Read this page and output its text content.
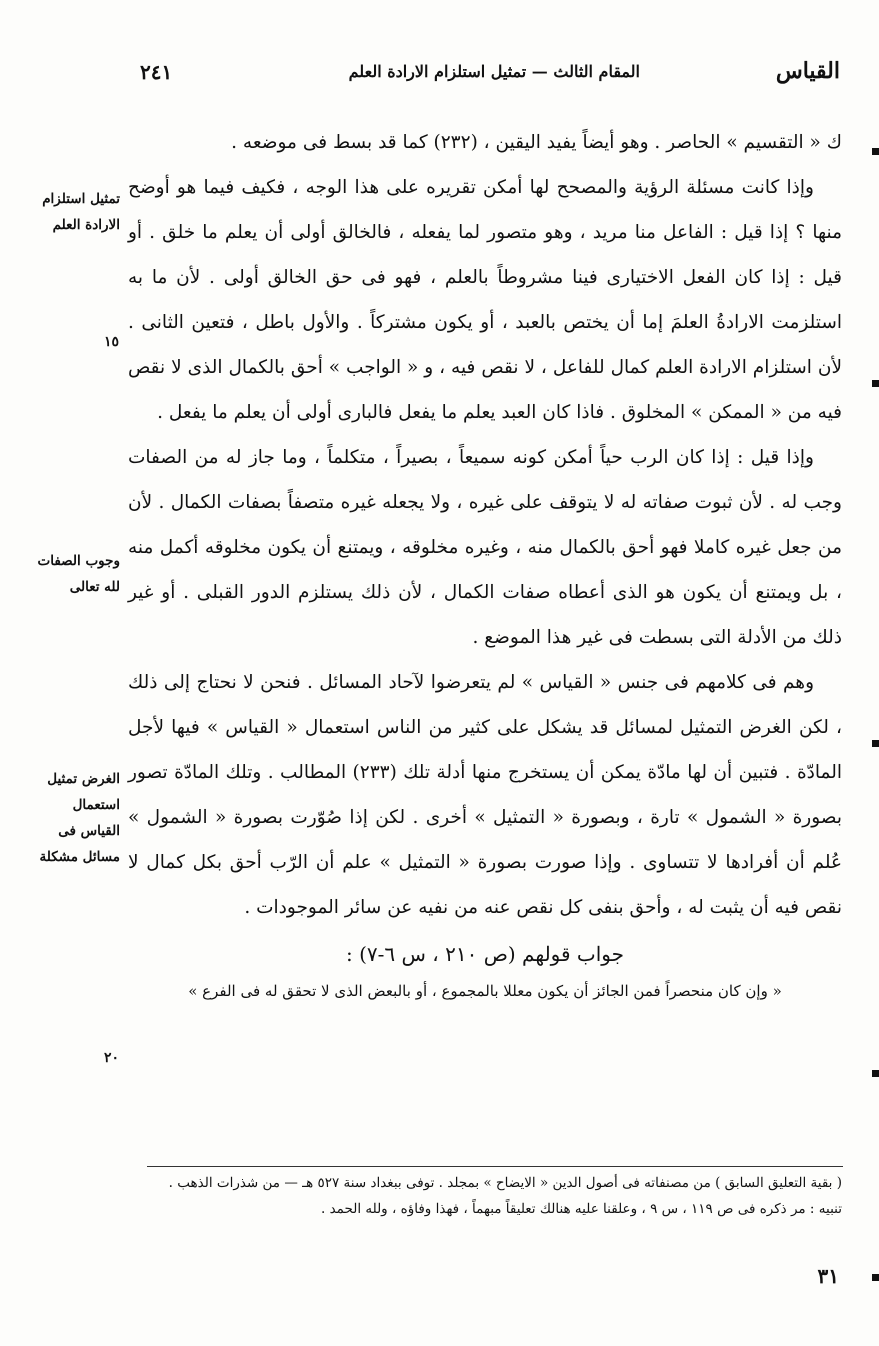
القياس
المقام الثالث — تمثيل استلزام الارادة العلم
٢٤١

ك « التقسيم » الحاصر . وهو أيضاً يفيد اليقين ، (٢٣٢) كما قد بسط فى موضعه .

وإذا كانت مسئلة الرؤية والمصحح لها أمكن تقريره على هذا الوجه ، فكيف فيما هو أوضح منها ؟ إذا قيل : الفاعل منا مريد ، وهو متصور لما يفعله ، فالخالق أولى أن يعلم ما خلق . أو قيل : إذا كان الفعل الاختيارى فينا مشروطاً بالعلم ، فهو فى حق الخالق أولى . لأن ما به استلزمت الارادةُ العلمَ إما أن يختص بالعبد ، أو يكون مشتركاً . والأول باطل ، فتعين الثانى . لأن استلزام الارادة العلم كمال للفاعل ، لا نقص فيه ، و « الواجب » أحق بالكمال الذى لا نقص فيه من « الممكن » المخلوق . فاذا كان العبد يعلم ما يفعل فالبارى أولى أن يعلم ما يفعل .

وإذا قيل : إذا كان الرب حياً أمكن كونه سميعاً ، بصيراً ، متكلماً ، وما جاز له من الصفات وجب له . لأن ثبوت صفاته له لا يتوقف على غيره ، ولا يجعله غيره متصفاً بصفات الكمال . لأن من جعل غيره كاملا فهو أحق بالكمال منه ، وغيره مخلوقه ، ويمتنع أن يكون مخلوقه أكمل منه ، بل ويمتنع أن يكون هو الذى أعطاه صفات الكمال ، لأن ذلك يستلزم الدور القبلى . أو غير ذلك من الأدلة التى بسطت فى غير هذا الموضع .

وهم فى كلامهم فى جنس « القياس » لم يتعرضوا لآحاد المسائل . فنحن لا نحتاج إلى ذلك ، لكن الغرض التمثيل لمسائل قد يشكل على كثير من الناس استعمال « القياس » فيها لأجل المادّة . فتبين أن لها مادّة يمكن أن يستخرج منها أدلة تلك (٢٣٣) المطالب . وتلك المادّة تصور بصورة « الشمول » تارة ، وبصورة « التمثيل » أخرى . لكن إذا صُوّرت بصورة « الشمول » عُلم أن أفرادها لا تتساوى . وإذا صورت بصورة « التمثيل » علم أن الرّب أحق بكل كمال لا نقص فيه أن يثبت له ، وأحق بنفى كل نقص عنه من نفيه عن سائر الموجودات .

جواب قولهم (ص ٢١٠ ، س ٦-٧) :
« وإن كان منحصراً فمن الجائز أن يكون معللا بالمجموع ، أو بالبعض الذى لا تحقق له فى الفرع »
تمثيل استلزام الارادة العلم
وجوب الصفات لله تعالى
الغرض تمثيل استعمال القياس فى مسائل مشكلة
١٥
٢٠

( بقية التعليق السابق ) من مصنفاته فى أصول الدين « الايضاح » بمجلد . توفى ببغداد سنة ٥٢٧ هـ — من شذرات الذهب .

تنبيه : مر ذكره فى ص ١١٩ ، س ٩ ، وعلقنا عليه هنالك تعليقاً مبهماً ، فهذا وفاؤه ، ولله الحمد .

٣١
